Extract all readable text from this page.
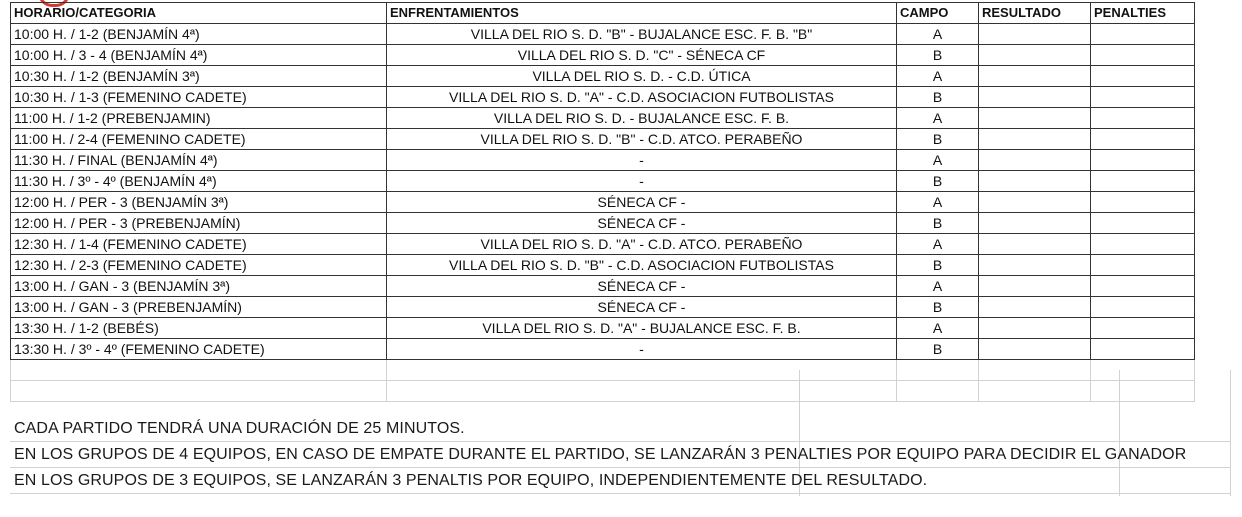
HORARIO/CATEGORIA	ENFRENTAMIENTOS	CAMPO	RESULTADO	PENALTIES
10:00 H. / 1-2 (BENJAMÍN 4ª)	VILLA DEL RIO S. D. "B" - BUJALANCE ESC. F. B. "B"	A		
10:00 H. / 3 - 4 (BENJAMÍN 4ª)	VILLA DEL RIO S. D. "C" - SÉNECA CF	B		
10:30 H. / 1-2 (BENJAMÍN 3ª)	VILLA DEL RIO S. D. - C.D. ÚTICA	A		
10:30 H. / 1-3 (FEMENINO CADETE)	VILLA DEL RIO S. D. "A" - C.D. ASOCIACION FUTBOLISTAS	B		
11:00 H. / 1-2 (PREBENJAMIN)	VILLA DEL RIO S. D. - BUJALANCE ESC. F. B.	A		
11:00 H. / 2-4 (FEMENINO CADETE)	VILLA DEL RIO S. D. "B" - C.D. ATCO. PERABEÑO	B		
11:30 H. / FINAL (BENJAMÍN 4ª)	-	A		
11:30 H. / 3º - 4º (BENJAMÍN 4ª)	-	B		
12:00 H. / PER - 3 (BENJAMÍN 3ª)	SÉNECA CF -	A		
12:00 H. / PER - 3 (PREBENJAMÍN)	SÉNECA CF -	B		
12:30 H. / 1-4 (FEMENINO CADETE)	VILLA DEL RIO S. D. "A" - C.D. ATCO. PERABEÑO	A		
12:30 H. / 2-3 (FEMENINO CADETE)	VILLA DEL RIO S. D. "B" - C.D. ASOCIACION FUTBOLISTAS	B		
13:00 H. / GAN - 3 (BENJAMÍN 3ª)	SÉNECA CF -	A		
13:00 H. / GAN - 3 (PREBENJAMÍN)	SÉNECA CF -	B		
13:30 H. / 1-2 (BEBÉS)	VILLA DEL RIO S. D. "A" - BUJALANCE ESC. F. B.	A		
13:30 H. / 3º - 4º (FEMENINO CADETE)	-	B		

CADA PARTIDO TENDRÁ UNA DURACIÓN DE 25 MINUTOS.
EN LOS GRUPOS DE 4 EQUIPOS, EN CASO DE EMPATE DURANTE EL PARTIDO, SE LANZARÁN 3 PENALTIES POR EQUIPO PARA DECIDIR EL GANADOR
EN LOS GRUPOS DE 3 EQUIPOS, SE LANZARÁN 3 PENALTIS POR EQUIPO, INDEPENDIENTEMENTE DEL RESULTADO.
